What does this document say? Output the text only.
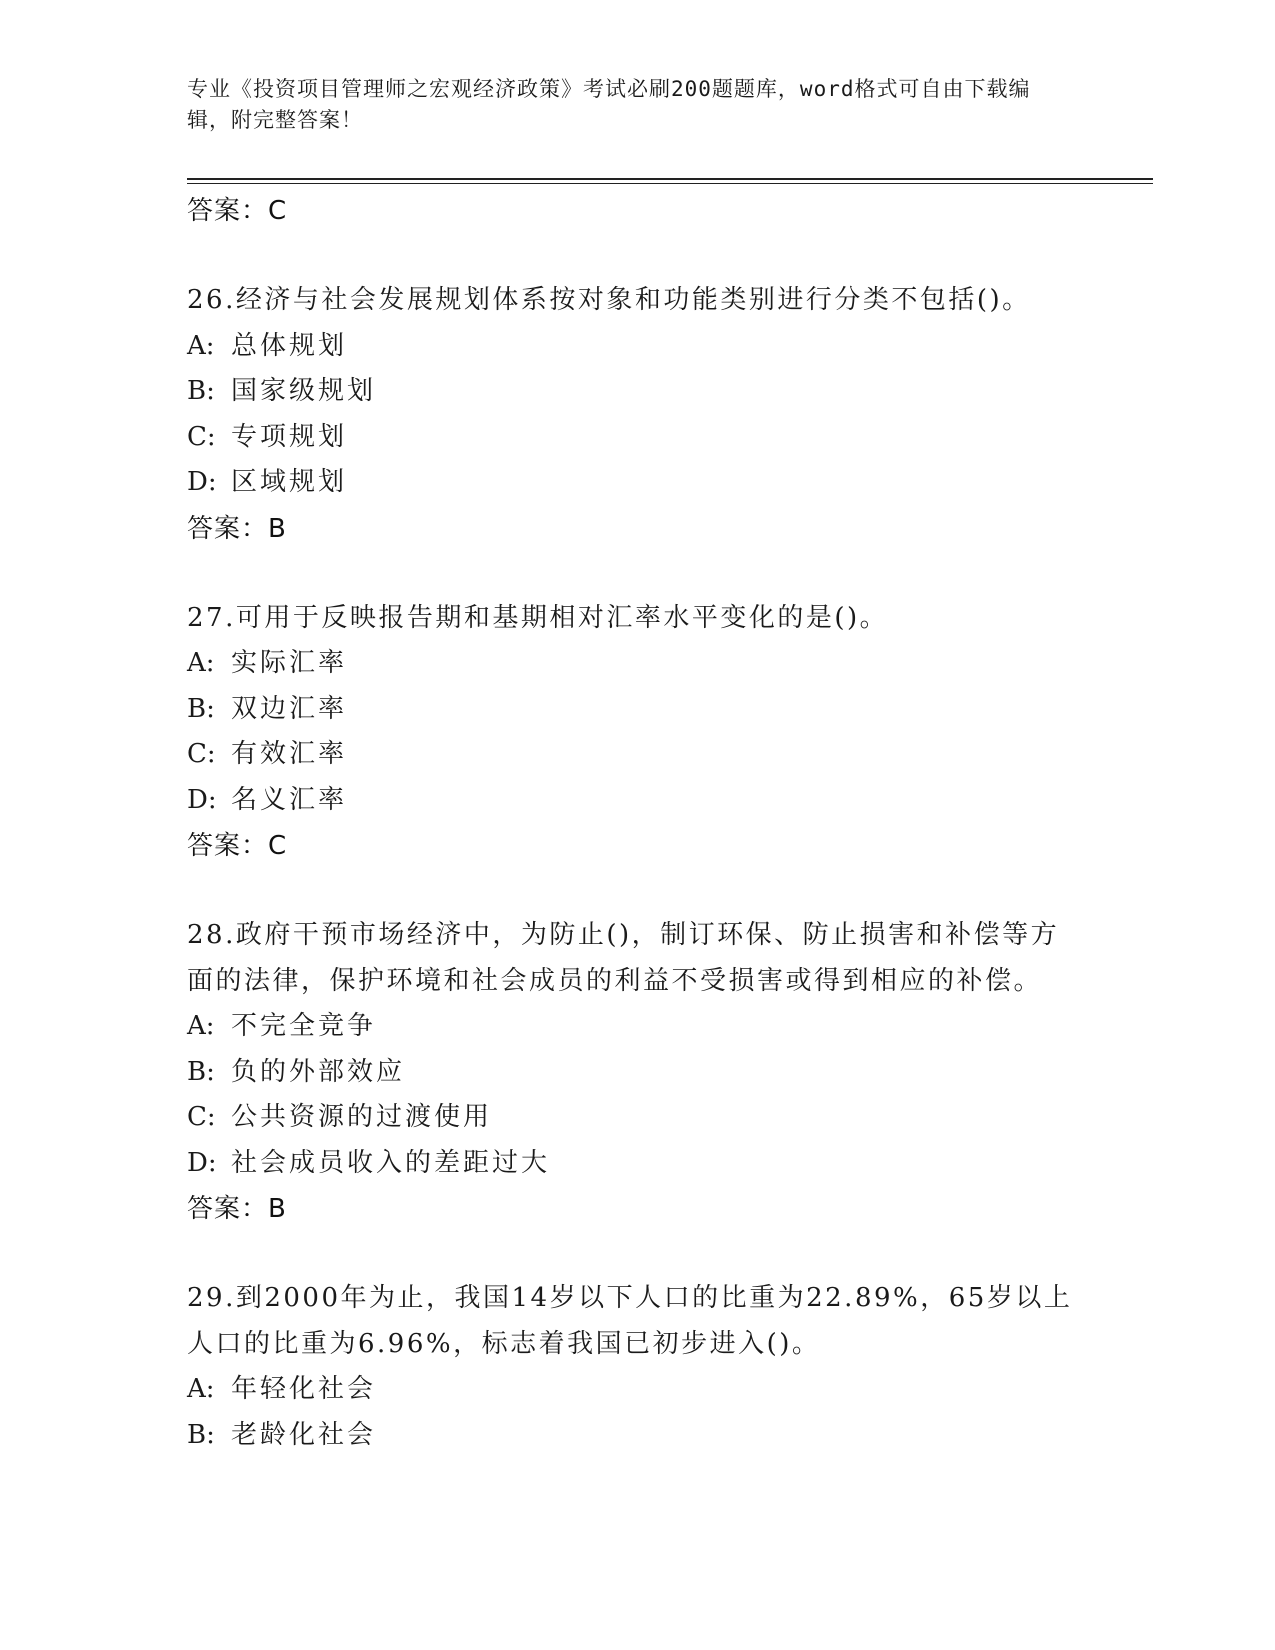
专业《投资项目管理师之宏观经济政策》考试必刷200题题库，word格式可自由下载编辑，附完整答案！

答案：C

26.经济与社会发展规划体系按对象和功能类别进行分类不包括()。

A: 总体规划

B: 国家级规划

C: 专项规划

D: 区域规划

答案：B

27.可用于反映报告期和基期相对汇率水平变化的是()。

A: 实际汇率

B: 双边汇率

C: 有效汇率

D: 名义汇率

答案：C

28.政府干预市场经济中，为防止()，制订环保、防止损害和补偿等方面的法律，保护环境和社会成员的利益不受损害或得到相应的补偿。

A: 不完全竞争

B: 负的外部效应

C: 公共资源的过渡使用

D: 社会成员收入的差距过大

答案：B

29.到2000年为止，我国14岁以下人口的比重为22.89%，65岁以上人口的比重为6.96%，标志着我国已初步进入()。

A: 年轻化社会

B: 老龄化社会
